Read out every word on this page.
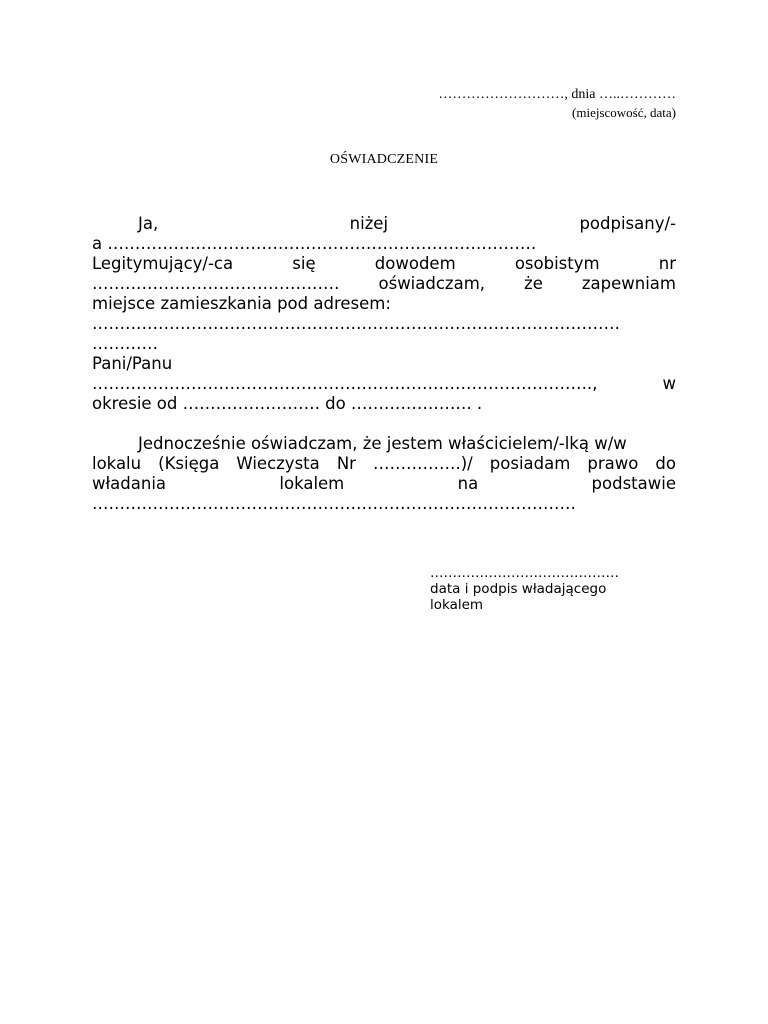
………………………, dnia …..…………
(miejscowość, data)
OŚWIADCZENIE
Ja,	niżej	podpisany/-
a ……………………………………………………………………
Legitymujący/-ca	się	dowodem	osobistym	nr
……………………………………… oświadczam, że zapewniam
miejsce zamieszkania pod adresem:
……………………………………………………………………………………
…………
Pani/Panu
……………………………………………………………………………….,	w
okresie od ……………………. do …………………. .
Jednocześnie oświadczam, że jestem właścicielem/-lką w/w
lokalu (Księga Wieczysta Nr …………….)/ posiadam prawo do
władania	lokalem	na	podstawie
…………………………………………………………………………….
……………………………………
data i podpis władającego
lokalem
